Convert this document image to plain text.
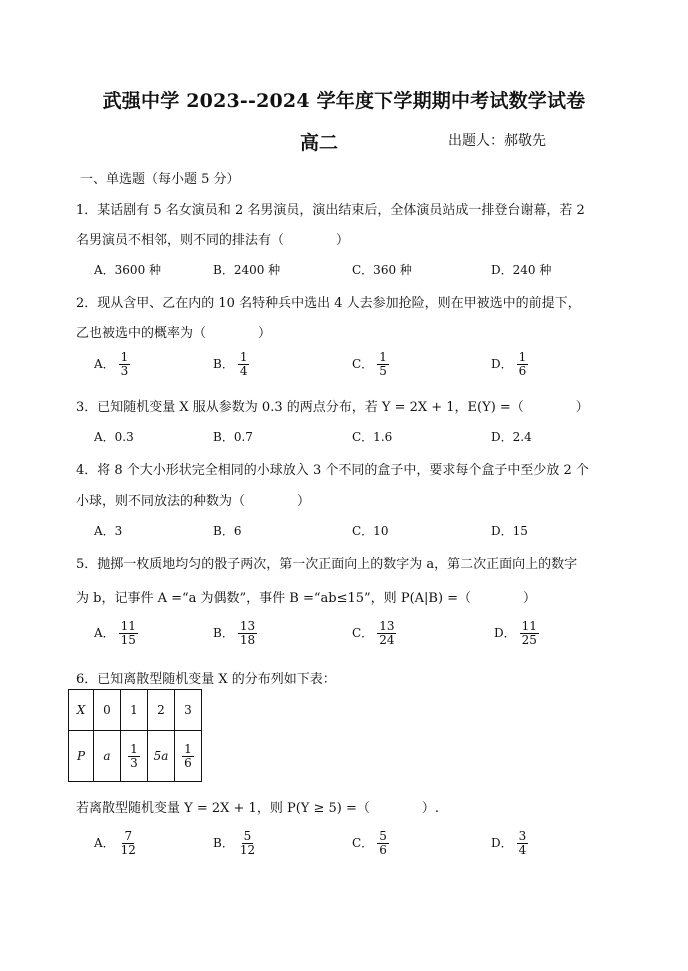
武强中学 2023--2024 学年度下学期期中考试数学试卷
高二	出题人：郝敬先
一、单选题（每小题 5 分）
1．某话剧有 5 名女演员和 2 名男演员，演出结束后，全体演员站成一排登台谢幕，若 2
名男演员不相邻，则不同的排法有（　　　　）
A．3600 种	B．2400 种	C．360 种	D．240 种
2．现从含甲、乙在内的 10 名特种兵中选出 4 人去参加抢险，则在甲被选中的前提下，
乙也被选中的概率为（　　　　）
A． $\frac{1}{3}$	B． $\frac{1}{4}$	C． $\frac{1}{5}$	D． $\frac{1}{6}$
3．已知随机变量 X 服从参数为 0.3 的两点分布，若 Y = 2X + 1，E(Y) =（　　　　）
A．0.3	B．0.7	C．1.6	D．2.4
4．将 8 个大小形状完全相同的小球放入 3 个不同的盒子中，要求每个盒子中至少放 2 个
小球，则不同放法的种数为（　　　　）
A．3	B．6	C．10	D．15
5．抛掷一枚质地均匀的骰子两次，第一次正面向上的数字为 a，第二次正面向上的数字
为 b，记事件 A =“a 为偶数”，事件 B =“ab≤15”，则 P(A|B) =（　　　　）
A． $\frac{11}{15}$	B． $\frac{13}{18}$	C． $\frac{13}{24}$	D． $\frac{11}{25}$
6．已知离散型随机变量 X 的分布列如下表：
X	0	1	2	3
P	a	$\frac{1}{3}$	5a	$\frac{1}{6}$
若离散型随机变量 Y = 2X + 1，则 P(Y ≥ 5) =（　　　　）.
A． $\frac{7}{12}$	B． $\frac{5}{12}$	C． $\frac{5}{6}$	D． $\frac{3}{4}$
